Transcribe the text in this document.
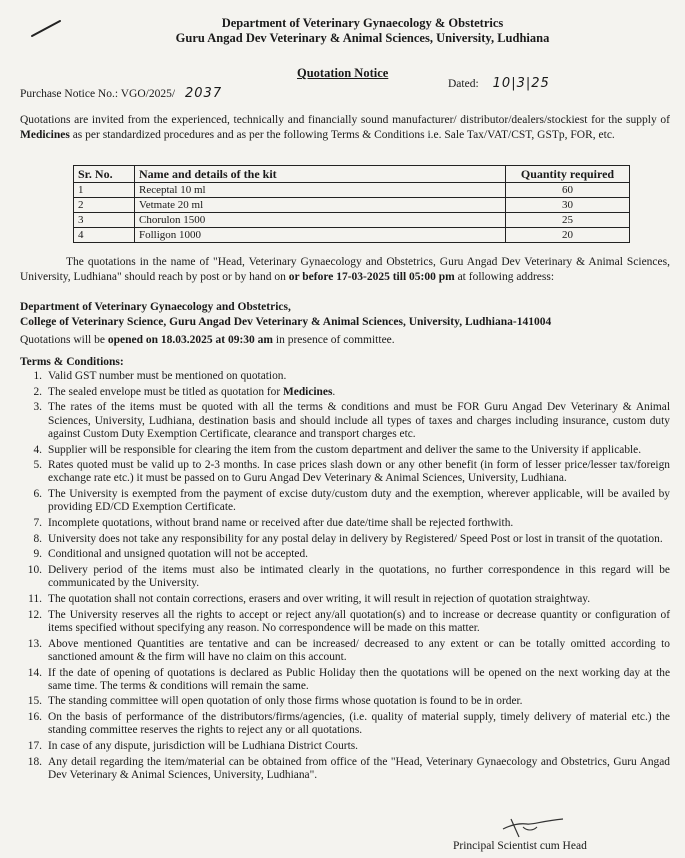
Department of Veterinary Gynaecology & Obstetrics
Guru Angad Dev Veterinary & Animal Sciences, University, Ludhiana
Quotation Notice
Purchase Notice No.: VGO/2025/ 2037
Dated: 10|3|25
Quotations are invited from the experienced, technically and financially sound manufacturer/ distributor/dealers/stockiest for the supply of Medicines as per standardized procedures and as per the following Terms & Conditions i.e. Sale Tax/VAT/CST, GSTp, FOR, etc.
Sr. No.	Name and details of the kit	Quantity required
1	Receptal 10 ml	60
2	Vetmate 20 ml	30
3	Chorulon 1500	25
4	Folligon 1000	20
The quotations in the name of "Head, Veterinary Gynaecology and Obstetrics, Guru Angad Dev Veterinary & Animal Sciences, University, Ludhiana" should reach by post or by hand on or before 17-03-2025 till 05:00 pm at following address:
Department of Veterinary Gynaecology and Obstetrics,
College of Veterinary Science, Guru Angad Dev Veterinary & Animal Sciences, University, Ludhiana-141004
Quotations will be opened on 18.03.2025 at 09:30 am in presence of committee.
Terms & Conditions:
1. Valid GST number must be mentioned on quotation.
2. The sealed envelope must be titled as quotation for Medicines.
3. The rates of the items must be quoted with all the terms & conditions and must be FOR Guru Angad Dev Veterinary & Animal Sciences, University, Ludhiana, destination basis and should include all types of taxes and charges including insurance, custom duty against Custom Duty Exemption Certificate, clearance and transport charges etc.
4. Supplier will be responsible for clearing the item from the custom department and deliver the same to the University if applicable.
5. Rates quoted must be valid up to 2-3 months. In case prices slash down or any other benefit (in form of lesser price/lesser tax/foreign exchange rate etc.) it must be passed on to Guru Angad Dev Veterinary & Animal Sciences, University, Ludhiana.
6. The University is exempted from the payment of excise duty/custom duty and the exemption, wherever applicable, will be availed by providing ED/CD Exemption Certificate.
7. Incomplete quotations, without brand name or received after due date/time shall be rejected forthwith.
8. University does not take any responsibility for any postal delay in delivery by Registered/ Speed Post or lost in transit of the quotation.
9. Conditional and unsigned quotation will not be accepted.
10. Delivery period of the items must also be intimated clearly in the quotations, no further correspondence in this regard will be communicated by the University.
11. The quotation shall not contain corrections, erasers and over writing, it will result in rejection of quotation straightway.
12. The University reserves all the rights to accept or reject any/all quotation(s) and to increase or decrease quantity or configuration of items specified without specifying any reason. No correspondence will be made on this matter.
13. Above mentioned Quantities are tentative and can be increased/ decreased to any extent or can be totally omitted according to sanctioned amount & the firm will have no claim on this account.
14. If the date of opening of quotations is declared as Public Holiday then the quotations will be opened on the next working day at the same time. The terms & conditions will remain the same.
15. The standing committee will open quotation of only those firms whose quotation is found to be in order.
16. On the basis of performance of the distributors/firms/agencies, (i.e. quality of material supply, timely delivery of material etc.) the standing committee reserves the rights to reject any or all quotations.
17. In case of any dispute, jurisdiction will be Ludhiana District Courts.
18. Any detail regarding the item/material can be obtained from office of the "Head, Veterinary Gynaecology and Obstetrics, Guru Angad Dev Veterinary & Animal Sciences, University, Ludhiana".
Principal Scientist cum Head
